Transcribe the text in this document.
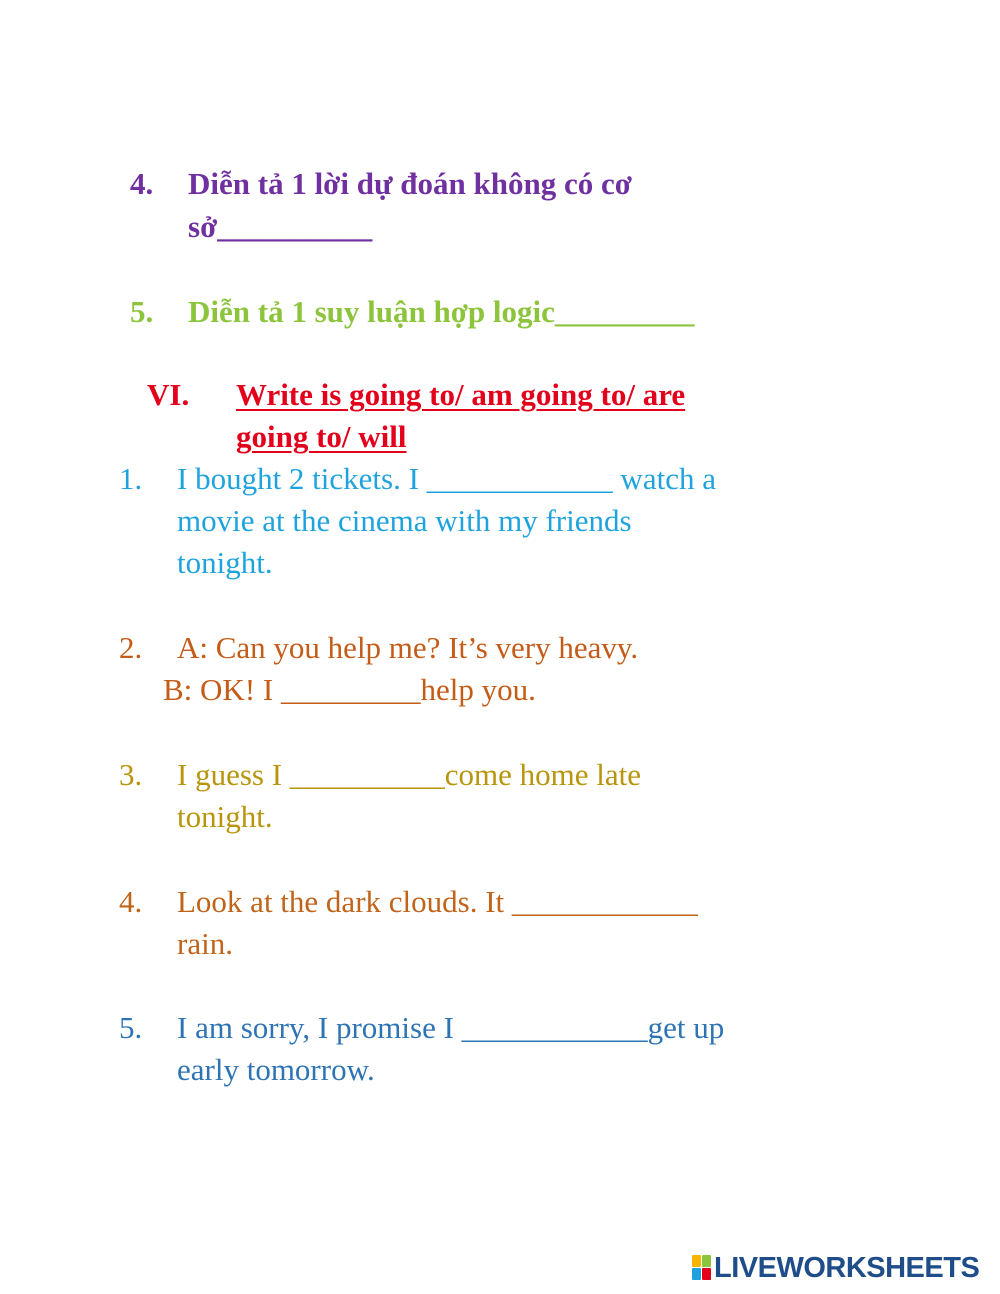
4. Diễn tả 1 lời dự đoán không có cơ
sở__________
5. Diễn tả 1 suy luận hợp logic_________
VI. Write is going to/ am going to/ are
going to/ will
1. I bought 2 tickets. I ____________ watch a
movie at the cinema with my friends
tonight.
2. A: Can you help me? It’s very heavy.
B: OK! I _________help you.
3. I guess I __________come home late
tonight.
4. Look at the dark clouds. It ____________
rain.
5. I am sorry, I promise I ____________get up
early tomorrow.
LIVEWORKSHEETS
